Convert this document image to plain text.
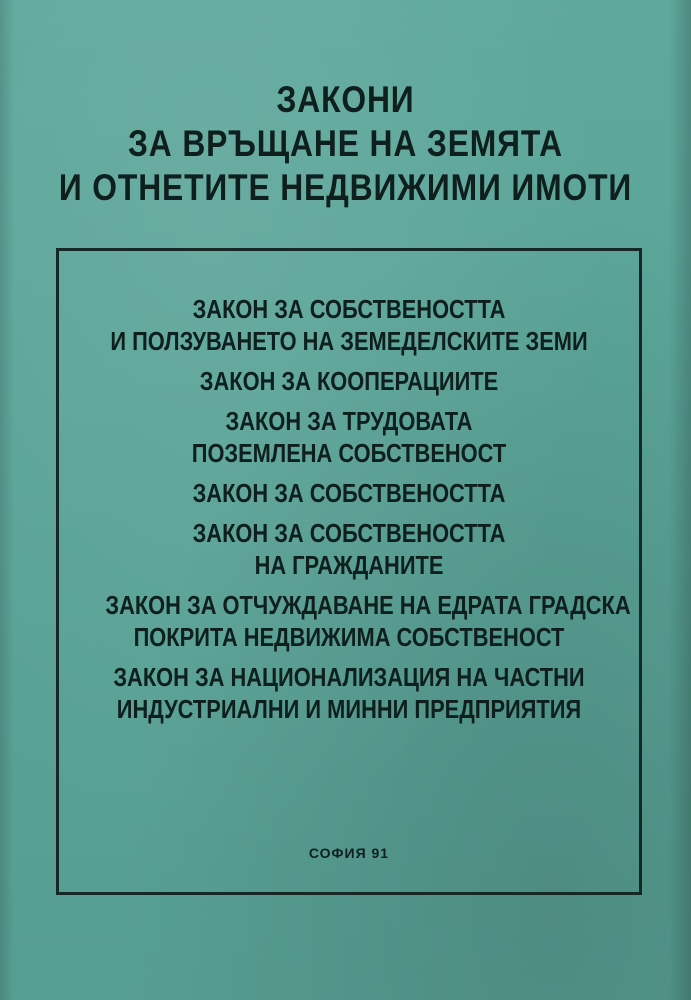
ЗАКОНИ
ЗА ВРЪЩАНЕ НА ЗЕМЯТА
И ОТНЕТИТЕ НЕДВИЖИМИ ИМОТИ
ЗАКОН ЗА СОБСТВЕНОСТТА
И ПОЛЗУВАНЕТО НА ЗЕМЕДЕЛСКИТЕ ЗЕМИ
ЗАКОН ЗА КООПЕРАЦИИТЕ
ЗАКОН ЗА ТРУДОВАТА
ПОЗЕМЛЕНА СОБСТВЕНОСТ
ЗАКОН ЗА СОБСТВЕНОСТТА
ЗАКОН ЗА СОБСТВЕНОСТТА
НА ГРАЖДАНИТЕ
ЗАКОН ЗА ОТЧУЖДАВАНЕ НА ЕДРАТА ГРАДСКА
ПОКРИТА НЕДВИЖИМА СОБСТВЕНОСТ
ЗАКОН ЗА НАЦИОНАЛИЗАЦИЯ НА ЧАСТНИ
ИНДУСТРИАЛНИ И МИННИ ПРЕДПРИЯТИЯ
СОФИЯ 91
